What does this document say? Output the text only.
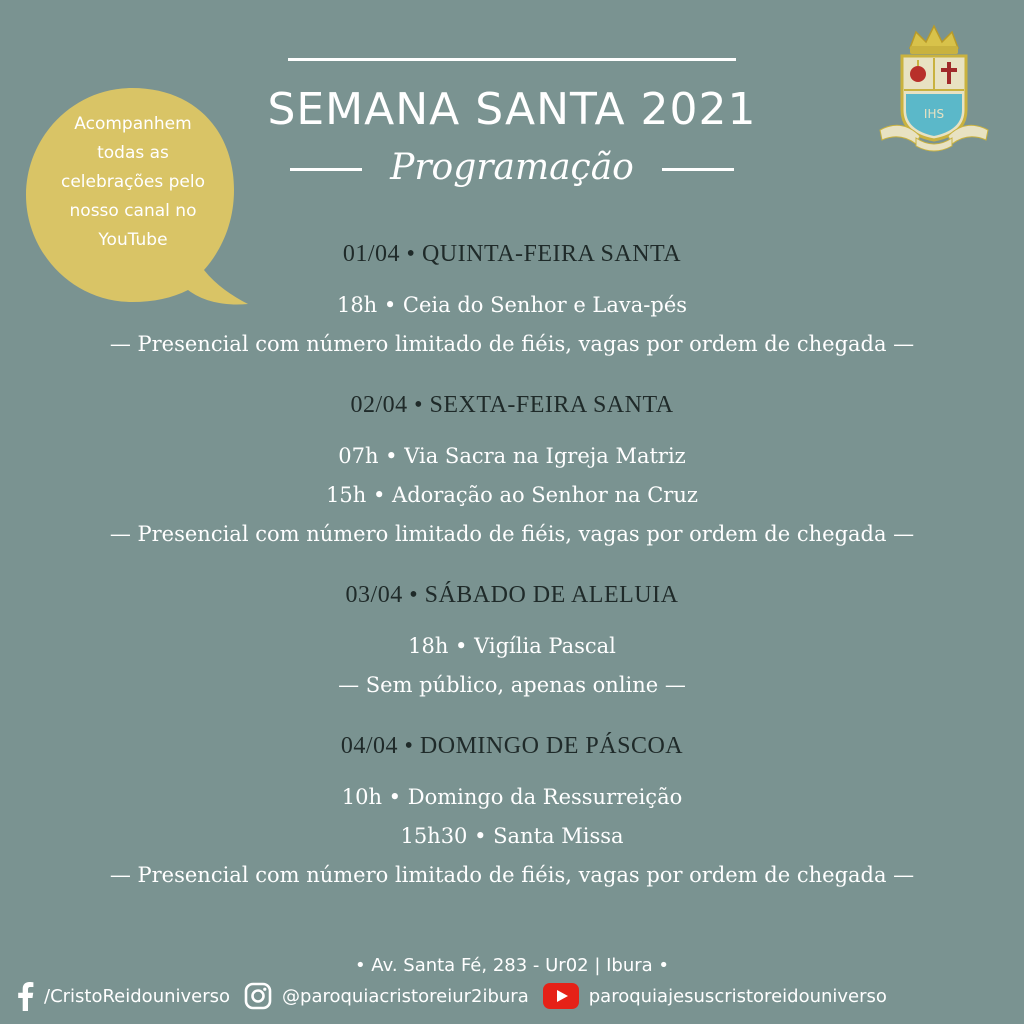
SEMANA SANTA 2021
Programação
Acompanhem todas as celebrações pelo nosso canal no YouTube
IHS
01/04 • QUINTA-FEIRA SANTA
18h • Ceia do Senhor e Lava-pés
— Presencial com número limitado de fiéis, vagas por ordem de chegada —
02/04 • SEXTA-FEIRA SANTA
07h • Via Sacra na Igreja Matriz
15h • Adoração ao Senhor na Cruz
— Presencial com número limitado de fiéis, vagas por ordem de chegada —
03/04 • SÁBADO DE ALELUIA
18h • Vigília Pascal
— Sem público, apenas online —
04/04 • DOMINGO DE PÁSCOA
10h • Domingo da Ressurreição
15h30 • Santa Missa
— Presencial com número limitado de fiéis, vagas por ordem de chegada —
• Av. Santa Fé, 283 - Ur02 | Ibura •
/CristoReidouniverso	@paroquiacristoreiur2ibura	paroquiajesuscristoreidouniverso
